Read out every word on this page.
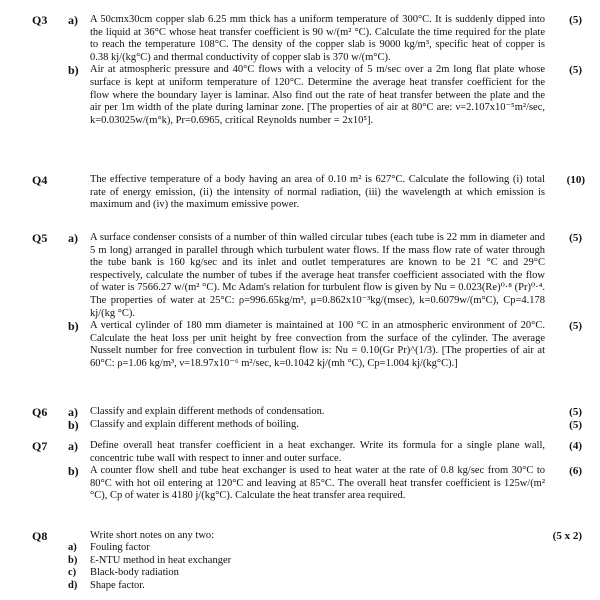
Q3 a)	(5)
A 50cmx30cm copper slab 6.25 mm thick has a uniform temperature of 300°C. It is suddenly dipped into the liquid at 36°C whose heat transfer coefficient is 90 w/(m² °C). Calculate the time required for the plate to reach the temperature 108°C. The density of the copper slab is 9000 kg/m³, specific heat of copper is 0.38 kj/(kg°C) and thermal conductivity of copper slab is 370 w/(m°C).
b)	(5)
Air at atmospheric pressure and 40°C flows with a velocity of 5 m/sec over a 2m long flat plate whose surface is kept at uniform temperature of 120°C. Determine the average heat transfer coefficient for the flow where the boundary layer is laminar. Also find out the rate of heat transfer between the plate and the air per 1m width of the plate during laminar zone. [The properties of air at 80°C are: ν=2.107x10⁻⁵m²/sec, k=0.03025w/(m°k), Pr=0.6965, critical Reynolds number = 2x10⁵].
Q4	(10)
The effective temperature of a body having an area of 0.10 m² is 627°C. Calculate the following (i) total rate of energy emission, (ii) the intensity of normal radiation, (iii) the wavelength at which emission is maximum and (iv) the maximum emissive power.
Q5 a)	(5)
A surface condenser consists of a number of thin walled circular tubes (each tube is 22 mm in diameter and 5 m long) arranged in parallel through which turbulent water flows. If the mass flow rate of water through the tube bank is 160 kg/sec and its inlet and outlet temperatures are known to be 21 °C and 29°C respectively, calculate the number of tubes if the average heat transfer coefficient associated with the flow of water is 7566.27 w/(m² °C). Mc Adam's relation for turbulent flow is given by Nu = 0.023(Re)⁰·⁸ (Pr)⁰·⁴. The properties of water at 25°C: ρ=996.65kg/m³, μ=0.862x10⁻³kg/(msec), k=0.6079w/(m°C), Cp=4.178 kj/(kg °C).
b)	(5)
A vertical cylinder of 180 mm diameter is maintained at 100 °C in an atmospheric environment of 20°C. Calculate the heat loss per unit height by free convection from the surface of the cylinder. The average Nusselt number for free convection in turbulent flow is: Nu = 0.10(Gr Pr)^(1/3). [The properties of air at 60°C: ρ=1.06 kg/m³, ν=18.97x10⁻⁶ m²/sec, k=0.1042 kj/(mh °C), Cp=1.004 kj/(kg°C).]
Q6 a)	(5)
Classify and explain different methods of condensation.
b)	(5)
Classify and explain different methods of boiling.
Q7 a)	(4)
Define overall heat transfer coefficient in a heat exchanger. Write its formula for a single plane wall, concentric tube wall with respect to inner and outer surface.
b)	(6)
A counter flow shell and tube heat exchanger is used to heat water at the rate of 0.8 kg/sec from 30°C to 80°C with hot oil entering at 120°C and leaving at 85°C. The overall heat transfer coefficient is 125w/(m² °C), Cp of water is 4180 j/(kg°C). Calculate the heat transfer area required.
Q8	(5 x 2)
Write short notes on any two:
a) Fouling factor
b) Ɛ-NTU method in heat exchanger
c) Black-body radiation
d) Shape factor.
